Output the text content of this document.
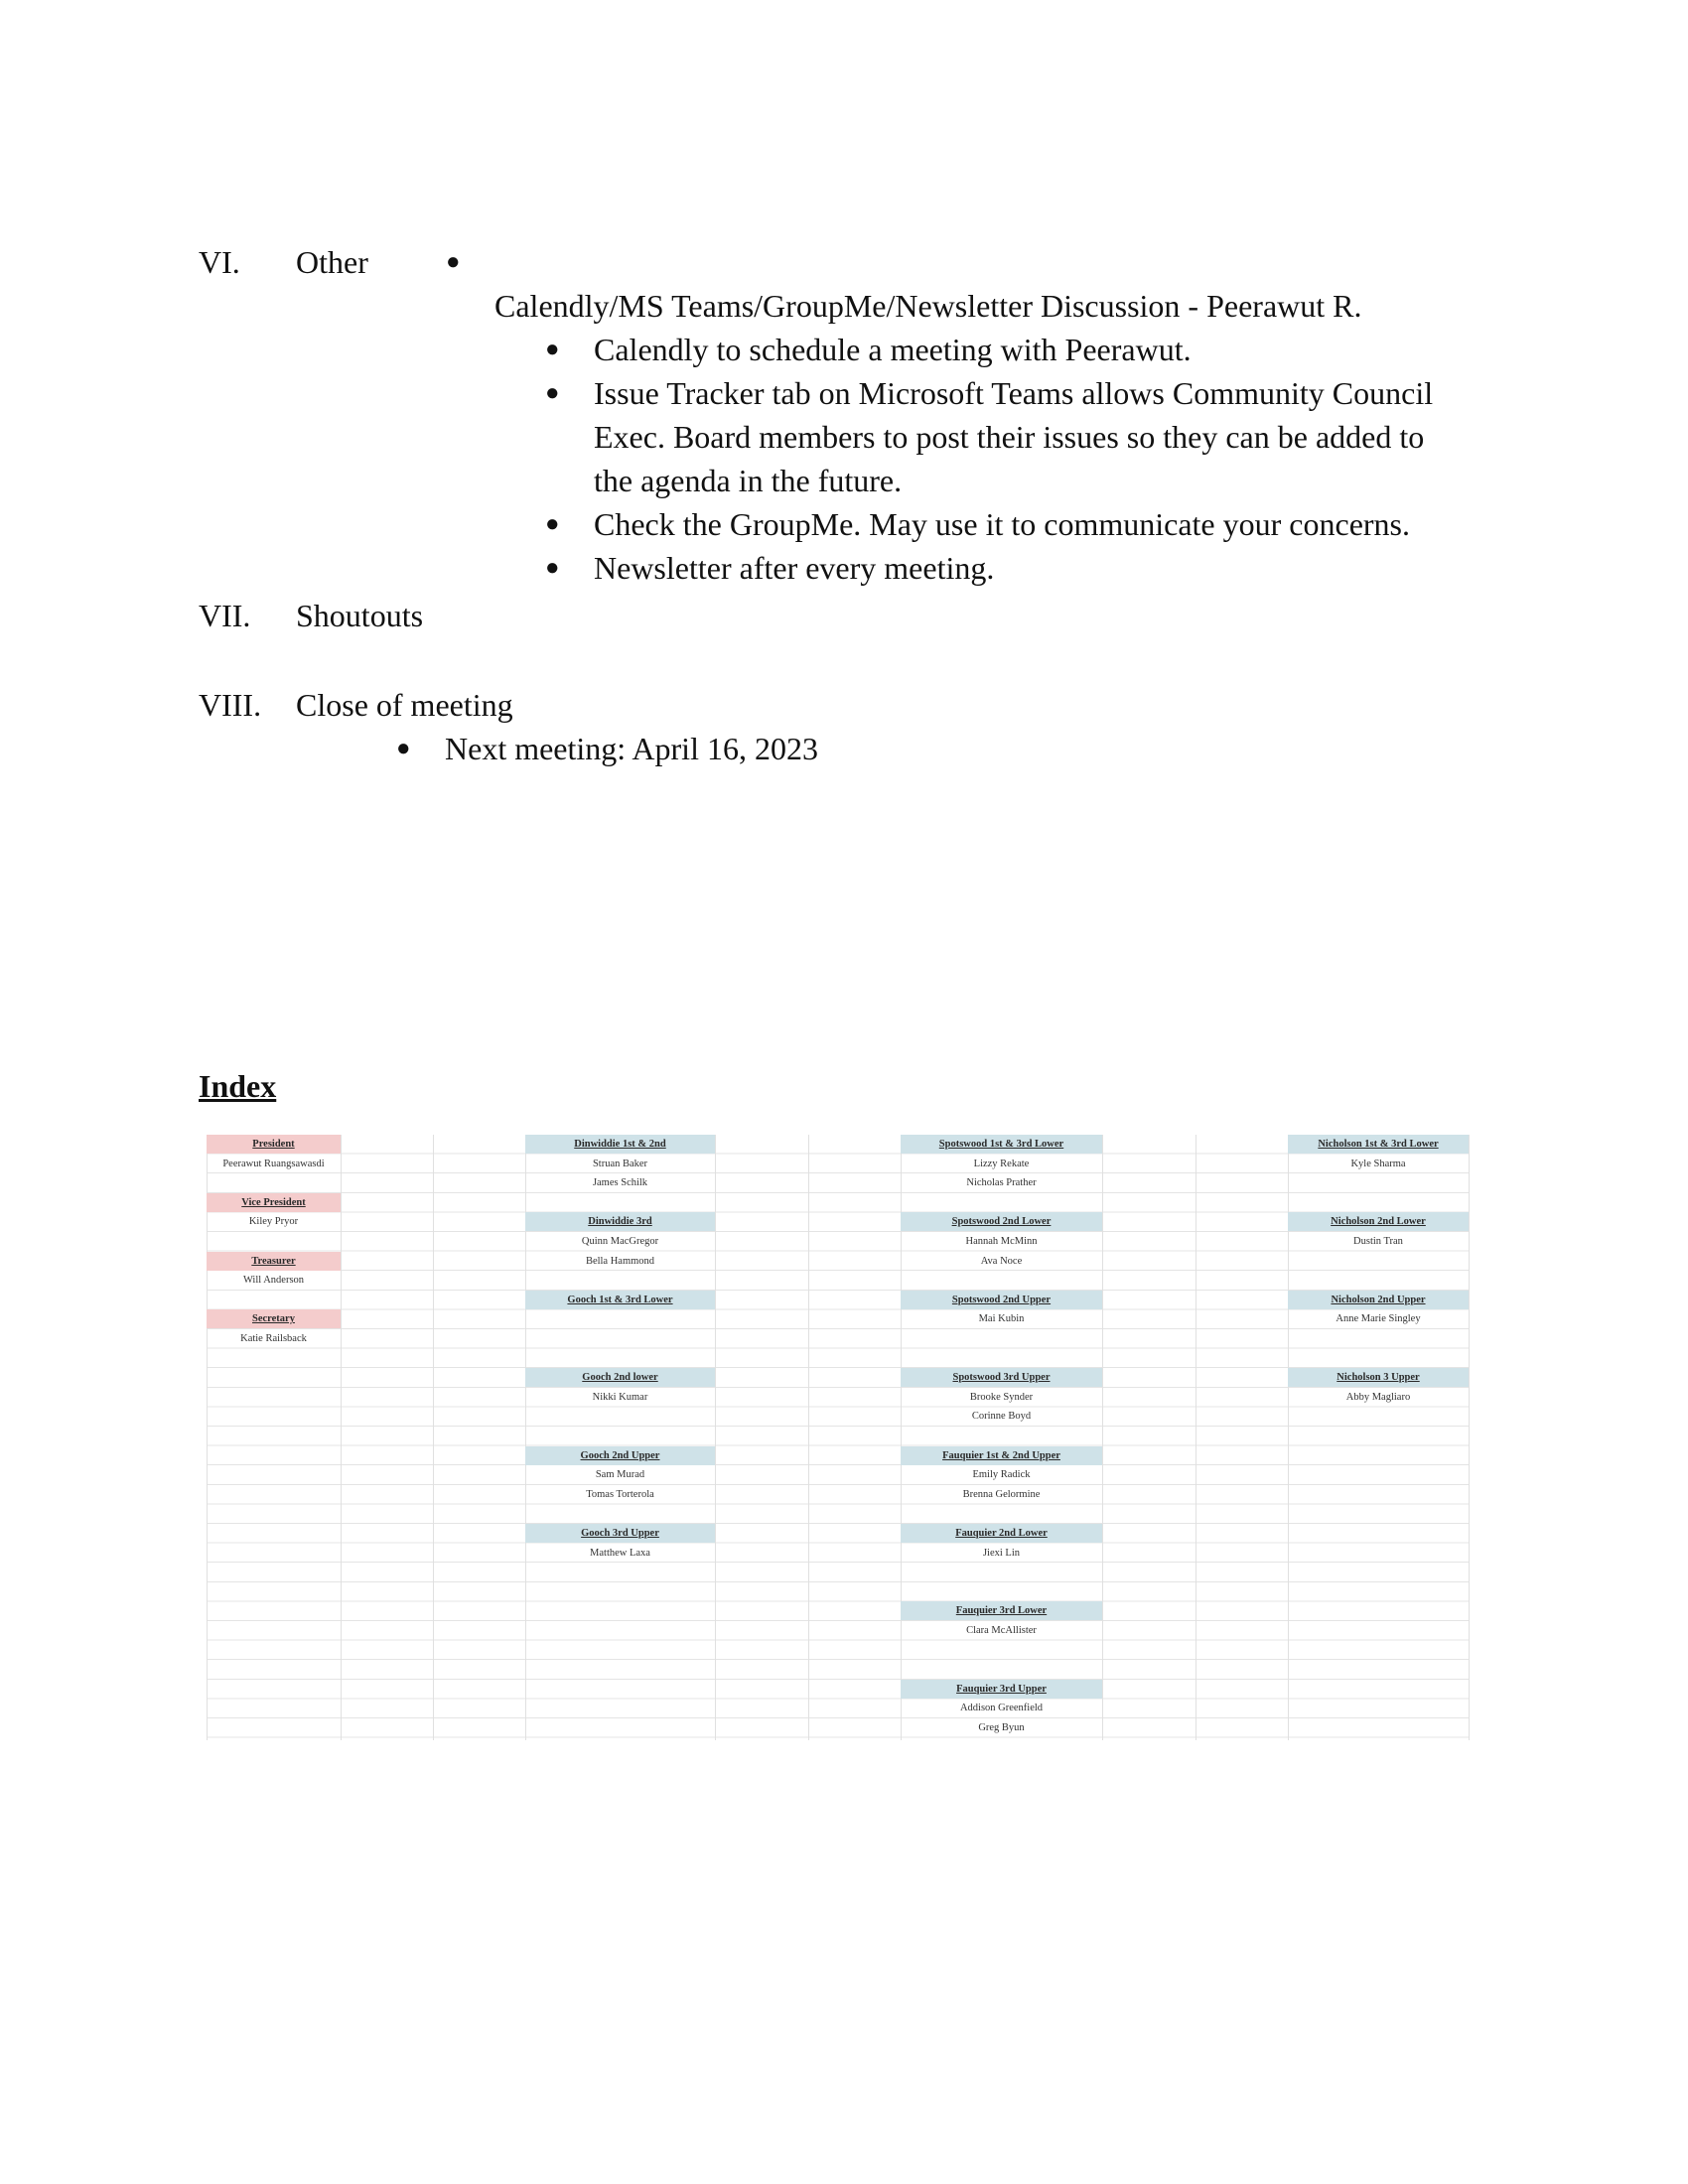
VI. Other	●
Calendly/MS Teams/GroupMe/Newsletter Discussion - Peerawut R.
● Calendly to schedule a meeting with Peerawut.
● Issue Tracker tab on Microsoft Teams allows Community Council
Exec. Board members to post their issues so they can be added to
the agenda in the future.
● Check the GroupMe. May use it to communicate your concerns.
● Newsletter after every meeting.
VII. Shoutouts
VIII. Close of meeting
● Next meeting: April 16, 2023
Index
President
Peerawut Ruangsawasdi
Vice President
Kiley Pryor
Treasurer
Will Anderson
Secretary
Katie Railsback
Dinwiddie 1st & 2nd
Struan Baker
James Schilk
Dinwiddie 3rd
Quinn MacGregor
Bella Hammond
Gooch 1st & 3rd Lower
Gooch 2nd lower
Nikki Kumar
Gooch 2nd Upper
Sam Murad
Tomas Torterola
Gooch 3rd Upper
Matthew Laxa
Spotswood 1st & 3rd Lower
Lizzy Rekate
Nicholas Prather
Spotswood 2nd Lower
Hannah McMinn
Ava Noce
Spotswood 2nd Upper
Mai Kubin
Spotswood 3rd Upper
Brooke Synder
Corinne Boyd
Fauquier 1st & 2nd Upper
Emily Radick
Brenna Gelormine
Fauquier 2nd Lower
Jiexi Lin
Fauquier 3rd Lower
Clara McAllister
Fauquier 3rd Upper
Addison Greenfield
Greg Byun
Nicholson 1st & 3rd Lower
Kyle Sharma
Nicholson 2nd Lower
Dustin Tran
Nicholson 2nd Upper
Anne Marie Singley
Nicholson 3 Upper
Abby Magliaro
